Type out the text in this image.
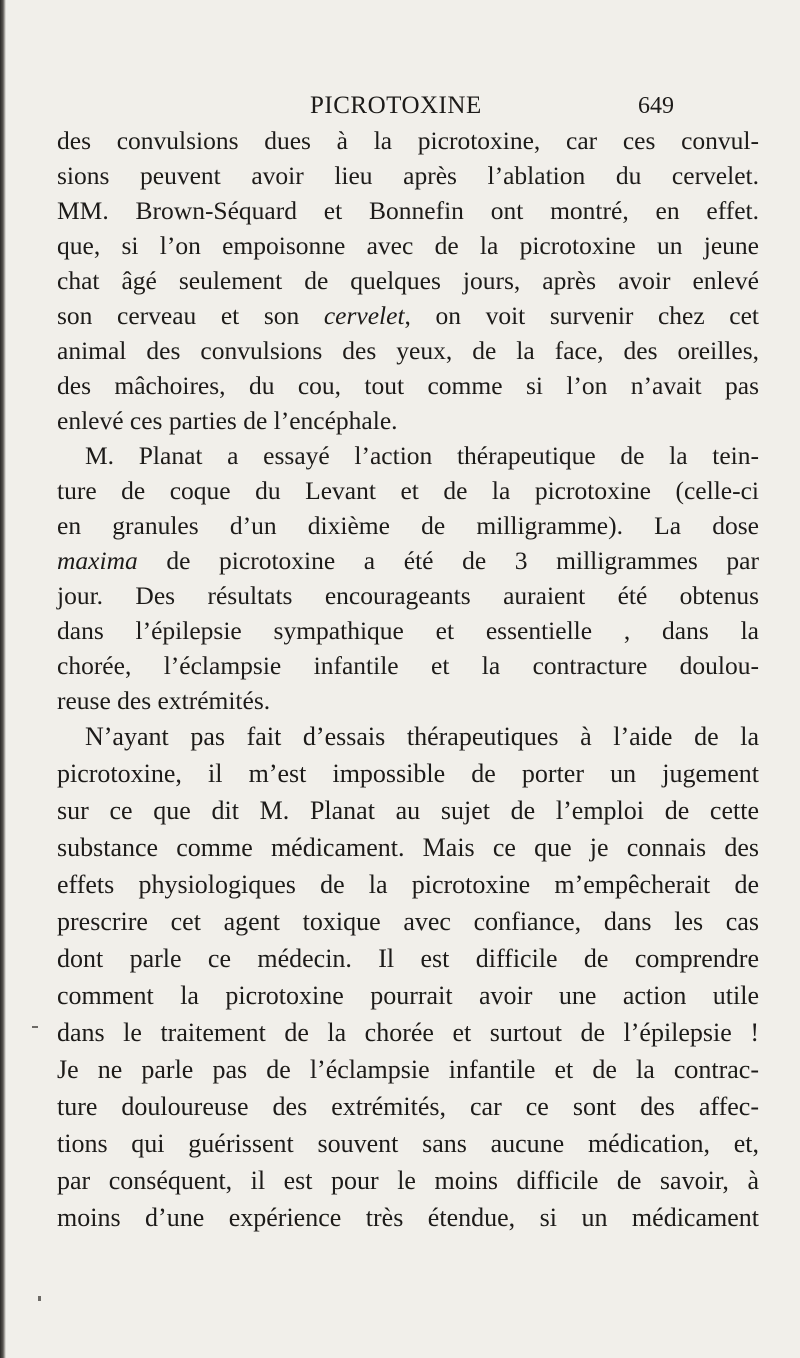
PICROTOXINE	649
des convulsions dues à la picrotoxine, car ces convul-
sions peuvent avoir lieu après l’ablation du cervelet.
MM. Brown-Séquard et Bonnefin ont montré, en effet.
que, si l’on empoisonne avec de la picrotoxine un jeune
chat âgé seulement de quelques jours, après avoir enlevé
son cerveau et son cervelet, on voit survenir chez cet
animal des convulsions des yeux, de la face, des oreilles,
des mâchoires, du cou, tout comme si l’on n’avait pas
enlevé ces parties de l’encéphale.
M. Planat a essayé l’action thérapeutique de la tein-
ture de coque du Levant et de la picrotoxine (celle-ci
en granules d’un dixième de milligramme). La dose
maxima de picrotoxine a été de 3 milligrammes par
jour. Des résultats encourageants auraient été obtenus
dans l’épilepsie sympathique et essentielle , dans la
chorée, l’éclampsie infantile et la contracture doulou-
reuse des extrémités.
N’ayant pas fait d’essais thérapeutiques à l’aide de la
picrotoxine, il m’est impossible de porter un jugement
sur ce que dit M. Planat au sujet de l’emploi de cette
substance comme médicament. Mais ce que je connais des
effets physiologiques de la picrotoxine m’empêcherait de
prescrire cet agent toxique avec confiance, dans les cas
dont parle ce médecin. Il est difficile de comprendre
comment la picrotoxine pourrait avoir une action utile
dans le traitement de la chorée et surtout de l’épilepsie !
Je ne parle pas de l’éclampsie infantile et de la contrac-
ture douloureuse des extrémités, car ce sont des affec-
tions qui guérissent souvent sans aucune médication, et,
par conséquent, il est pour le moins difficile de savoir, à
moins d’une expérience très étendue, si un médicament
